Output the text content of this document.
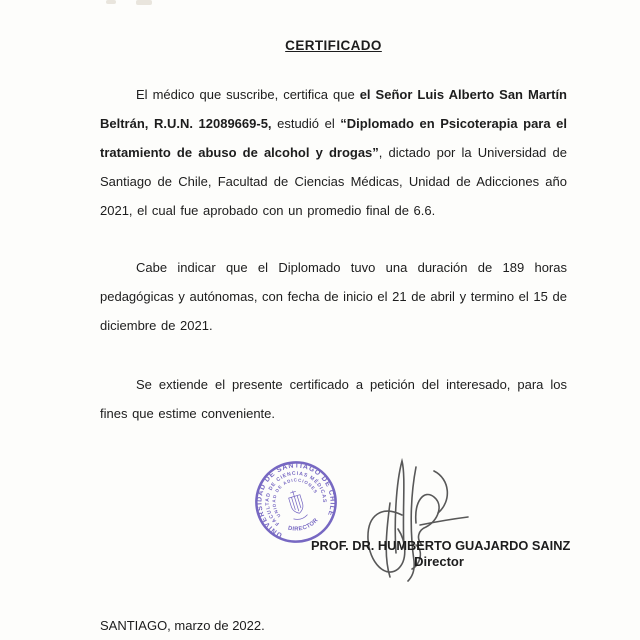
CERTIFICADO

El médico que suscribe, certifica que el Señor Luis Alberto San Martín Beltrán, R.U.N. 12089669-5, estudió el “Diplomado en Psicoterapia para el tratamiento de abuso de alcohol y drogas”, dictado por la Universidad de Santiago de Chile, Facultad de Ciencias Médicas, Unidad de Adicciones año 2021, el cual fue aprobado con un promedio final de 6.6.

Cabe indicar que el Diplomado tuvo una duración de 189 horas pedagógicas y autónomas, con fecha de inicio el 21 de abril y termino el 15 de diciembre de 2021.

Se extiende el presente certificado a petición del interesado, para los fines que estime conveniente.

UNIVERSIDAD DE SANTIAGO DE CHILE
FACULTAD DE CIENCIAS MÉDICAS
UNIDAD DE ADICCIONES
DIRECTOR

PROF. DR. HUMBERTO GUAJARDO SAINZ

Director

SANTIAGO, marzo de 2022.
